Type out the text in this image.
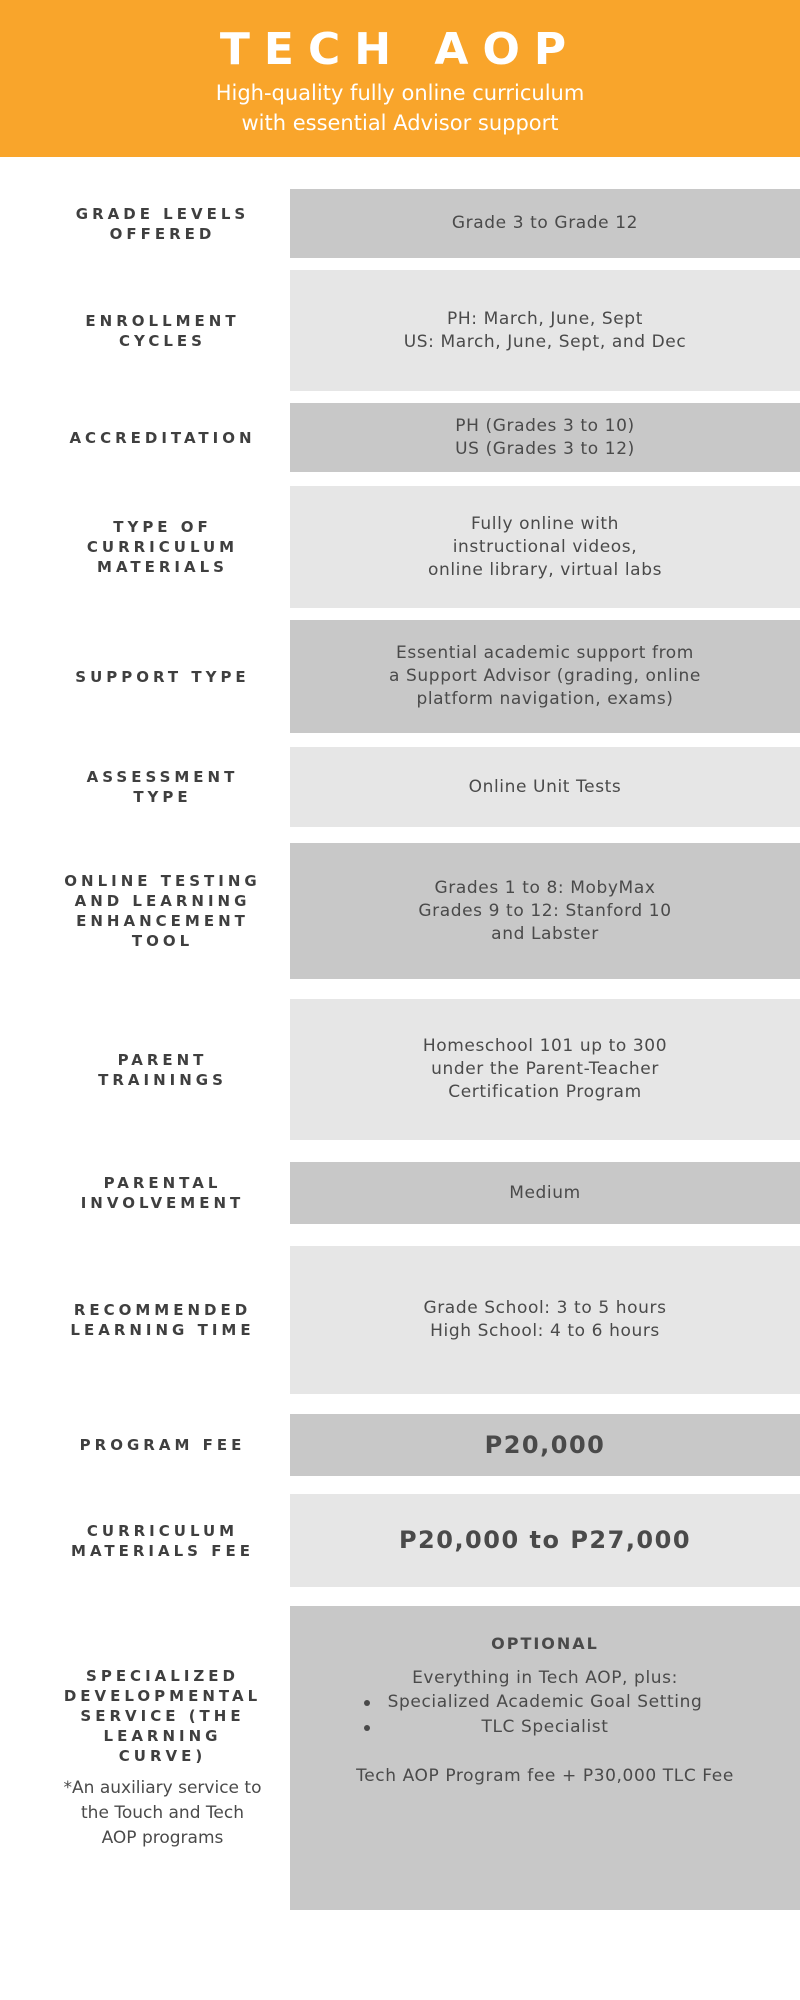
TECH AOP
High-quality fully online curriculum
with essential Advisor support
GRADE LEVELS OFFERED
Grade 3 to Grade 12
ENROLLMENT CYCLES
PH: March, June, Sept
US: March, June, Sept, and Dec
ACCREDITATION
PH (Grades 3 to 10)
US (Grades 3 to 12)
TYPE OF CURRICULUM MATERIALS
Fully online with
instructional videos,
online library, virtual labs
SUPPORT TYPE
Essential academic support from
a Support Advisor (grading, online
platform navigation, exams)
ASSESSMENT TYPE
Online Unit Tests
ONLINE TESTING AND LEARNING ENHANCEMENT TOOL
Grades 1 to 8: MobyMax
Grades 9 to 12: Stanford 10
and Labster
PARENT TRAININGS
Homeschool 101 up to 300
under the Parent-Teacher
Certification Program
PARENTAL INVOLVEMENT
Medium
RECOMMENDED LEARNING TIME
Grade School: 3 to 5 hours
High School: 4 to 6 hours
PROGRAM FEE	P20,000
CURRICULUM MATERIALS FEE	P20,000 to P27,000
SPECIALIZED DEVELOPMENTAL SERVICE (THE LEARNING CURVE)
*An auxiliary service to the Touch and Tech AOP programs
OPTIONAL
Everything in Tech AOP, plus:
Specialized Academic Goal Setting
TLC Specialist
Tech AOP Program fee + P30,000 TLC Fee
